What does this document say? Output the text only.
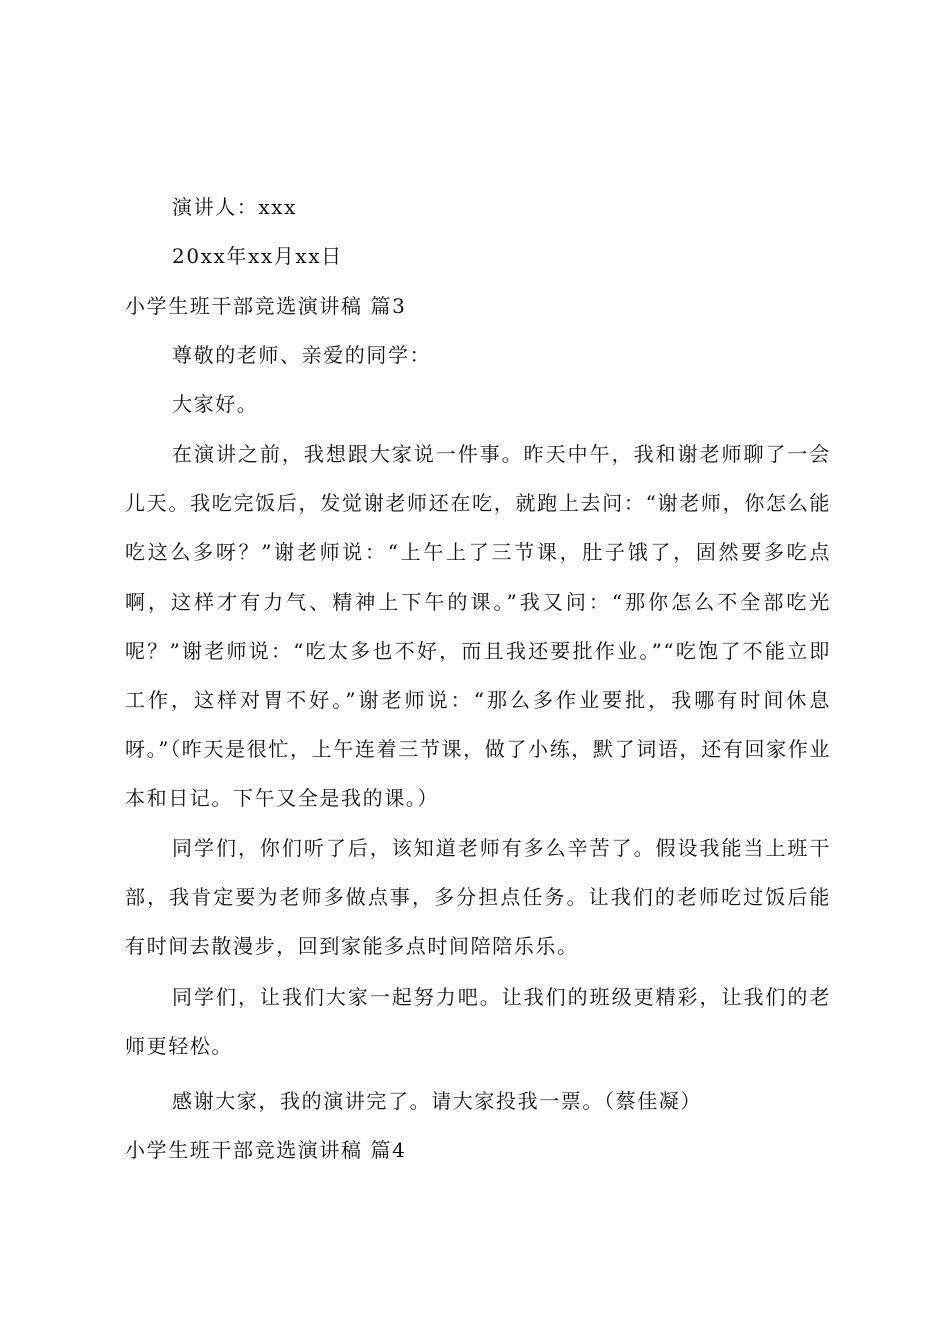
演讲人：xxx
20xx年xx月xx日
小学生班干部竞选演讲稿 篇3
尊敬的老师、亲爱的同学：
大家好。

在演讲之前，我想跟大家说一件事。昨天中午，我和谢老师聊了一会儿天。我吃完饭后，发觉谢老师还在吃，就跑上去问：“谢老师，你怎么能吃这么多呀？”谢老师说：“上午上了三节课，肚子饿了，固然要多吃点啊，这样才有力气、精神上下午的课。”我又问：“那你怎么不全部吃光呢？”谢老师说：“吃太多也不好，而且我还要批作业。”“吃饱了不能立即工作，这样对胃不好。”谢老师说：“那么多作业要批，我哪有时间休息呀。”（昨天是很忙，上午连着三节课，做了小练，默了词语，还有回家作业本和日记。下午又全是我的课。）

同学们，你们听了后，该知道老师有多么辛苦了。假设我能当上班干部，我肯定要为老师多做点事，多分担点任务。让我们的老师吃过饭后能有时间去散漫步，回到家能多点时间陪陪乐乐。

同学们，让我们大家一起努力吧。让我们的班级更精彩，让我们的老师更轻松。

感谢大家，我的演讲完了。请大家投我一票。（蔡佳凝）
小学生班干部竞选演讲稿 篇4
